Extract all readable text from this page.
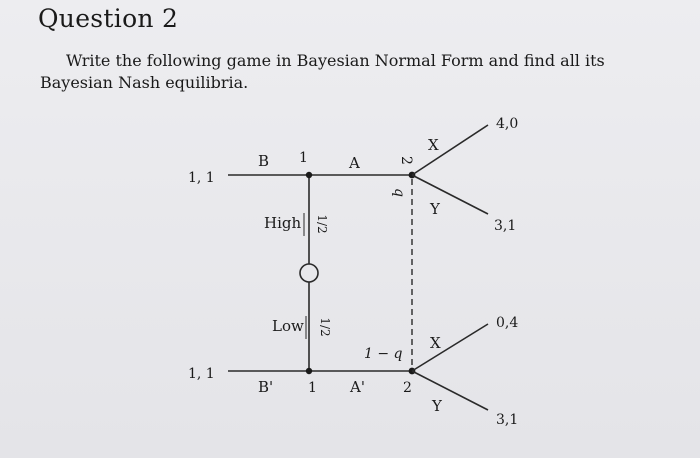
Question 2
Write the following game in Bayesian Normal Form and find all its Bayesian Nash equilibria.
1, 1
1, 1
B 1	A	2
B' 1 A'	2
High 1/2
Low 1/2
q
1 − q
X
Y
X
Y
4,0
3,1
0,4
3,1
